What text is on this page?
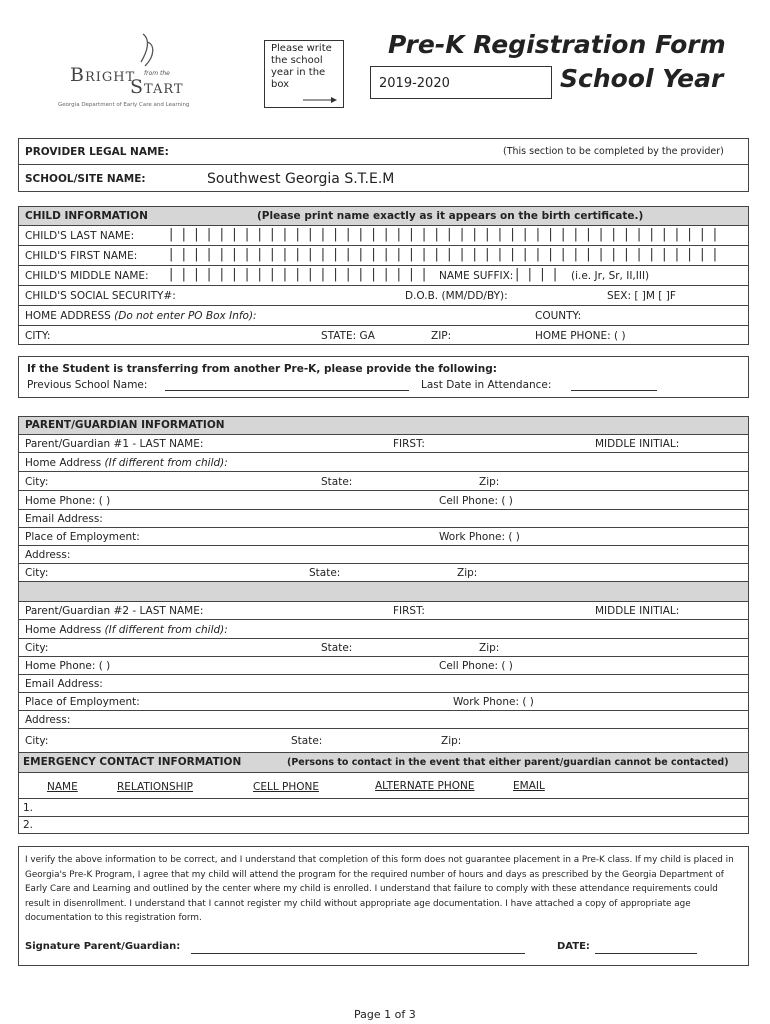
Bright from the
Start
Georgia Department of Early Care and Learning
Please write the school year in the box
Pre-K Registration Form
2019-2020	School Year
PROVIDER LEGAL NAME:	(This section to be completed by the provider)
SCHOOL/SITE NAME:	Southwest Georgia S.T.E.M
CHILD INFORMATION	(Please print name exactly as it appears on the birth certificate.)
CHILD'S LAST NAME:	|  |  |  |  |  |  |  |  |  |  |  |  |  |  |  |  |  |  |  |  |  |  |  |  |  |  |  |  |  |  |  |  |  |  |  |  |  |  |  |  |  |  |  |
CHILD'S FIRST NAME: |  |  |  |  |  |  |  |  |  |  |  |  |  |  |  |  |  |  |  |  |  |  |  |  |  |  |  |  |  |  |  |  |  |  |  |  |  |  |  |  |  |  |  |
CHILD'S MIDDLE NAME: |  |  |  |  |  |  |  |  |  |  |  |  |  |  |  |  |  |  |  |  | NAME SUFFIX: |  |  |  | (i.e. Jr, Sr, II,III)
CHILD'S SOCIAL SECURITY#:	D.O.B. (MM/DD/BY):	SEX: [ ]M [ ]F
HOME ADDRESS (Do not enter PO Box Info):	COUNTY:
CITY:	STATE: GA	ZIP:	HOME PHONE: ( )
If the Student is transferring from another Pre-K, please provide the following:
Previous School Name:	Last Date in Attendance:
PARENT/GUARDIAN INFORMATION
Parent/Guardian #1 - LAST NAME:	FIRST:	MIDDLE INITIAL:
Home Address (If different from child):
City:	State:	Zip:
Home Phone: ( )	Cell Phone: ( )
Email Address:
Place of Employment:	Work Phone: ( )
Address:
City:	State:	Zip:
Parent/Guardian #2 - LAST NAME:	FIRST:	MIDDLE INITIAL:
Home Address (If different from child):
City:	State:	Zip:
Home Phone: ( )	Cell Phone: ( )
Email Address:
Place of Employment:	Work Phone: ( )
Address:
City:	State:	Zip:
EMERGENCY CONTACT INFORMATION	(Persons to contact in the event that either parent/guardian cannot be contacted)
NAME	RELATIONSHIP	CELL PHONE	ALTERNATE PHONE	EMAIL
1.
2.
I verify the above information to be correct, and I understand that completion of this form does not guarantee placement in a Pre-K class. If my child is placed in Georgia's Pre-K Program, I agree that my child will attend the program for the required number of hours and days as prescribed by the Georgia Department of Early Care and Learning and outlined by the center where my child is enrolled. I understand that failure to comply with these attendance requirements could result in disenrollment. I understand that I cannot register my child without appropriate age documentation. I have attached a copy of appropriate age documentation to this registration form.
Signature Parent/Guardian:	DATE:
Page 1 of 3
